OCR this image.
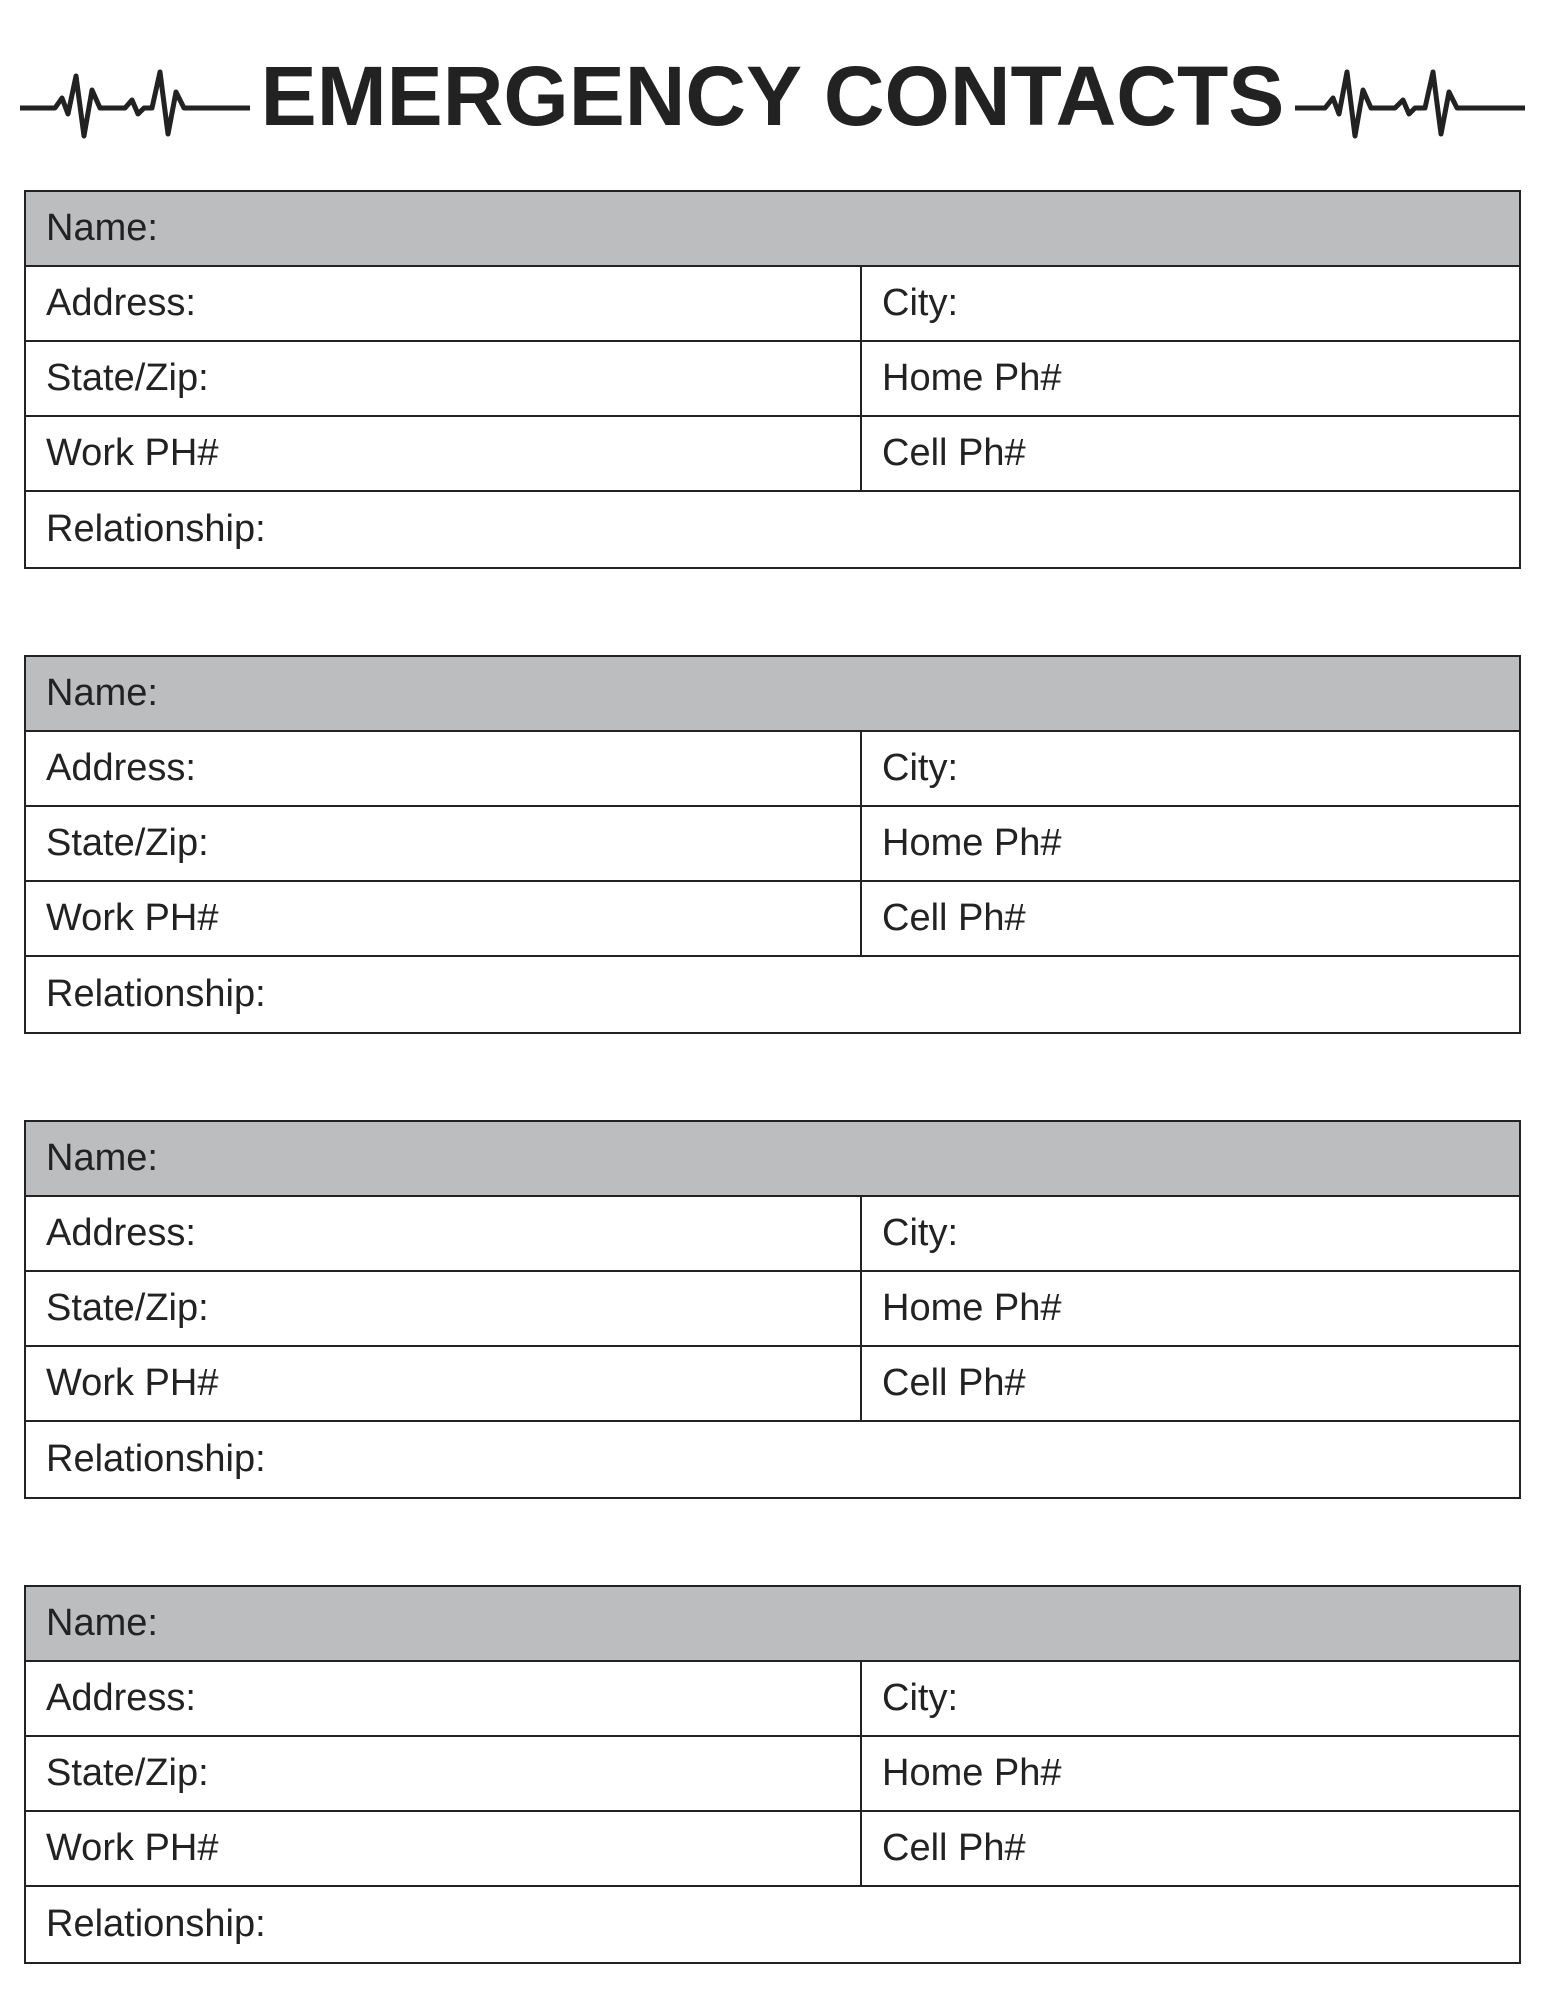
EMERGENCY CONTACTS
Name:
Address:	City:
State/Zip:	Home Ph#
Work PH#	Cell Ph#
Relationship:
Name:
Address:	City:
State/Zip:	Home Ph#
Work PH#	Cell Ph#
Relationship:
Name:
Address:	City:
State/Zip:	Home Ph#
Work PH#	Cell Ph#
Relationship:
Name:
Address:	City:
State/Zip:	Home Ph#
Work PH#	Cell Ph#
Relationship:
